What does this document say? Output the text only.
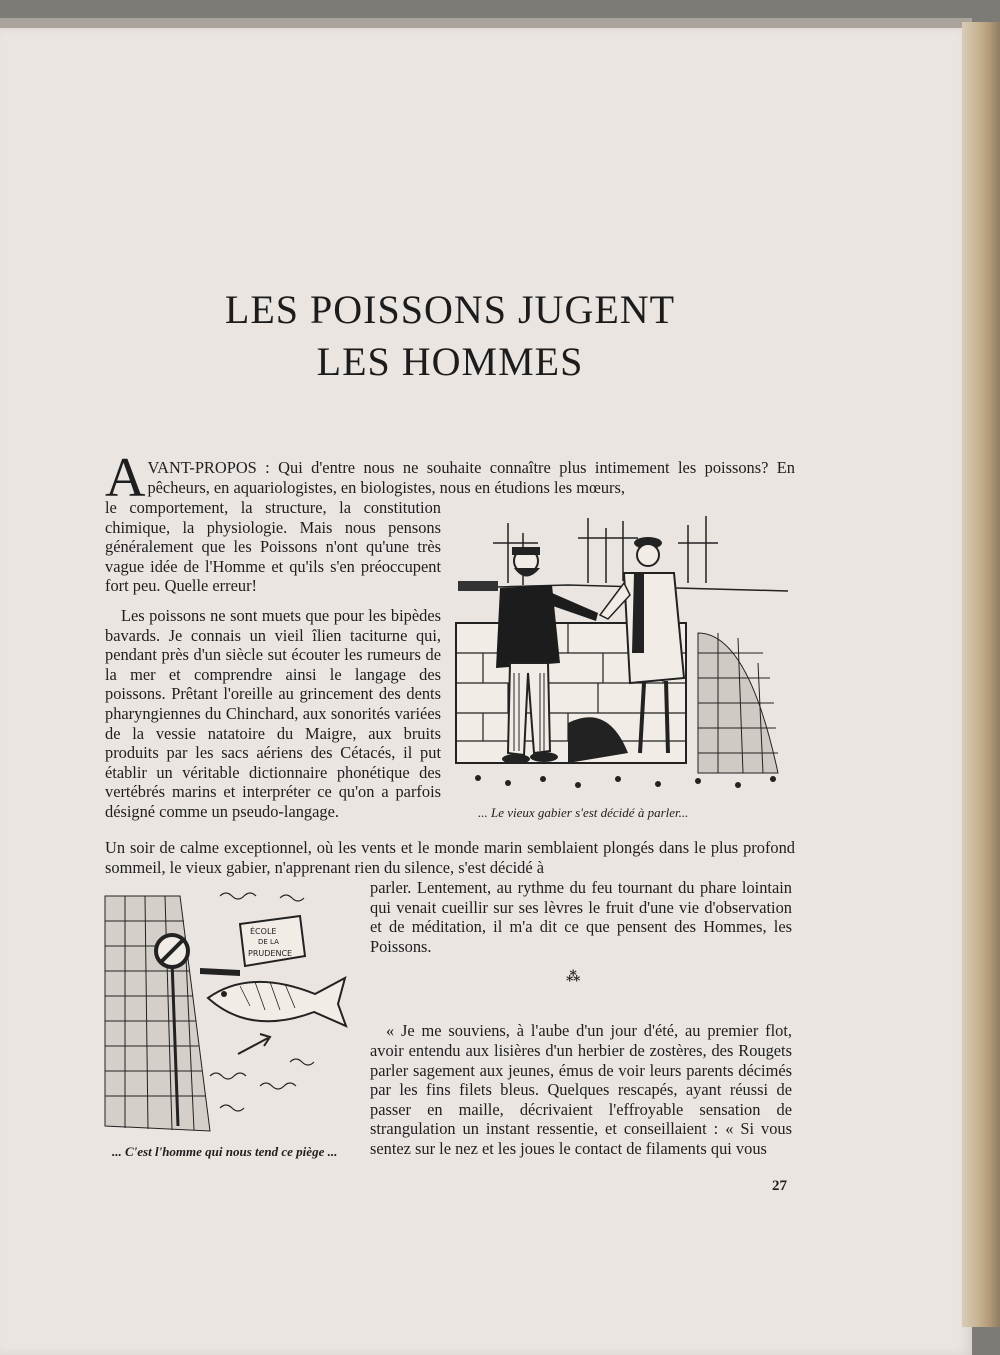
LES POISSONS JUGENT
LES HOMMES

AVANT-PROPOS : Qui d'entre nous ne souhaite connaître plus intimement les poissons? En pêcheurs, en aquariologistes, en biologistes, nous en étudions les mœurs,

le comportement, la structure, la constitution chimique, la physiologie. Mais nous pensons généralement que les Poissons n'ont qu'une très vague idée de l'Homme et qu'ils s'en préoccupent fort peu. Quelle erreur!

Les poissons ne sont muets que pour les bipèdes bavards. Je connais un vieil îlien taciturne qui, pendant près d'un siècle sut écouter les rumeurs de la mer et comprendre ainsi le langage des poissons. Prêtant l'oreille au grincement des dents pharyngiennes du Chinchard, aux sonorités variées de la vessie natatoire du Maigre, aux bruits produits par les sacs aériens des Cétacés, il put établir un véritable dictionnaire phonétique des vertébrés marins et interpréter ce qu'on a parfois désigné comme un pseudo-langage.	... Le vieux gabier s'est décidé à parler...

Un soir de calme exceptionnel, où les vents et le monde marin semblaient plongés dans le plus profond sommeil, le vieux gabier, n'apprenant rien du silence, s'est décidé à

parler. Lentement, au rythme du feu tournant du phare lointain qui venait cueillir sur ses lèvres le fruit d'une vie d'observation et de méditation, il m'a dit ce que pensent des Hommes, les Poissons.

« Je me souviens, à l'aube d'un jour d'été, au premier flot, avoir entendu aux lisières d'un herbier de zostères, des Rougets parler sagement aux jeunes, émus de voir leurs parents décimés par les fins filets bleus. Quelques rescapés, ayant réussi de passer en maille, décrivaient l'effroyable sensation de strangulation un instant ressentie, et conseillaient : « Si vous sentez sur le nez et les joues le contact de filaments qui vous

⁂
ÉCOLE
DE LA
PRUDENCE

... C'est l'homme qui nous tend ce piège ...

27
